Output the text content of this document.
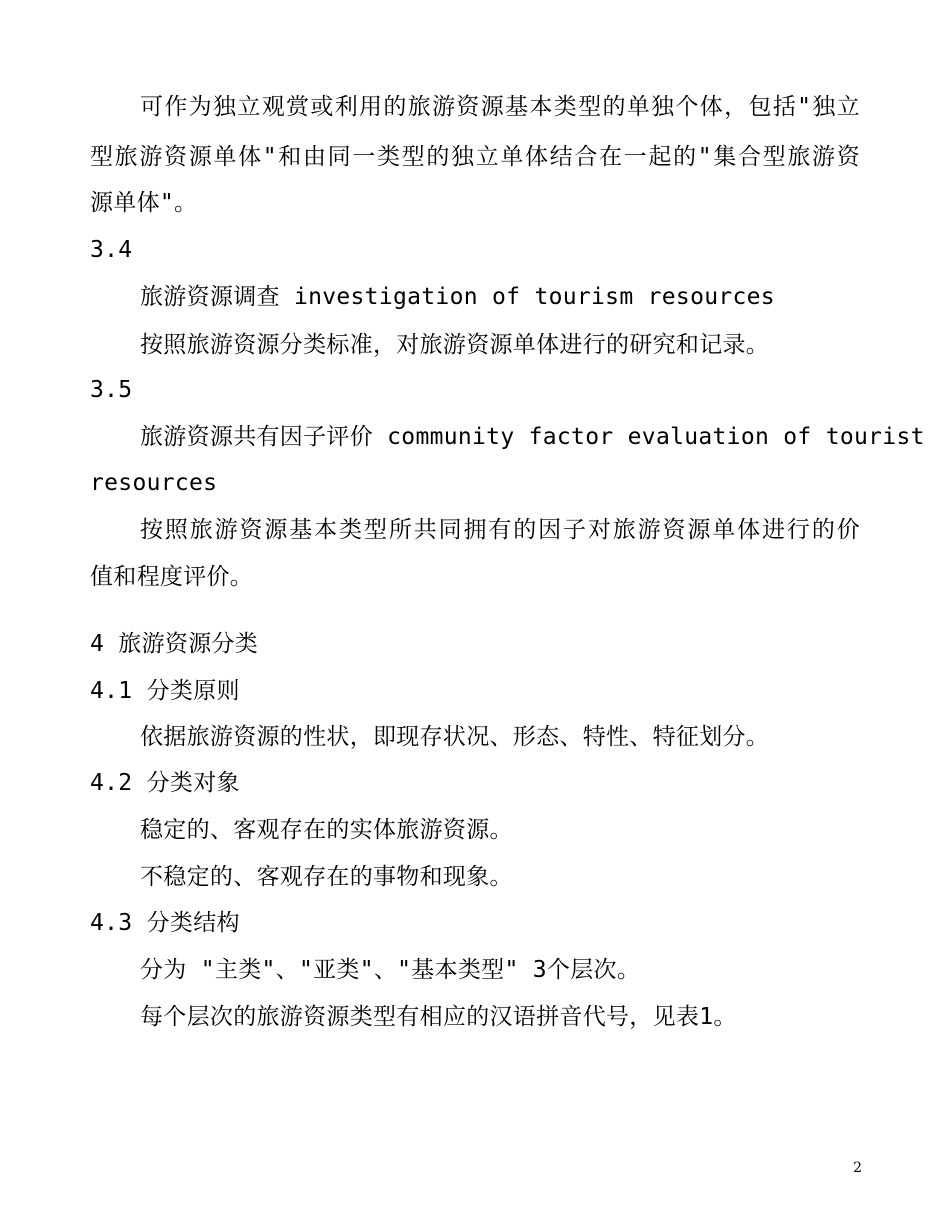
可作为独立观赏或利用的旅游资源基本类型的单独个体，包括"独立
型旅游资源单体"和由同一类型的独立单体结合在一起的"集合型旅游资
源单体"。
3.4
旅游资源调查 investigation of tourism resources
按照旅游资源分类标准，对旅游资源单体进行的研究和记录。
3.5
旅游资源共有因子评价 community factor evaluation of tourist
resources
按照旅游资源基本类型所共同拥有的因子对旅游资源单体进行的价
值和程度评价。
4 旅游资源分类
4.1 分类原则
依据旅游资源的性状，即现存状况、形态、特性、特征划分。
4.2 分类对象
稳定的、客观存在的实体旅游资源。
不稳定的、客观存在的事物和现象。
4.3 分类结构
分为 "主类"、"亚类"、"基本类型" 3个层次。
每个层次的旅游资源类型有相应的汉语拼音代号，见表1。
2
